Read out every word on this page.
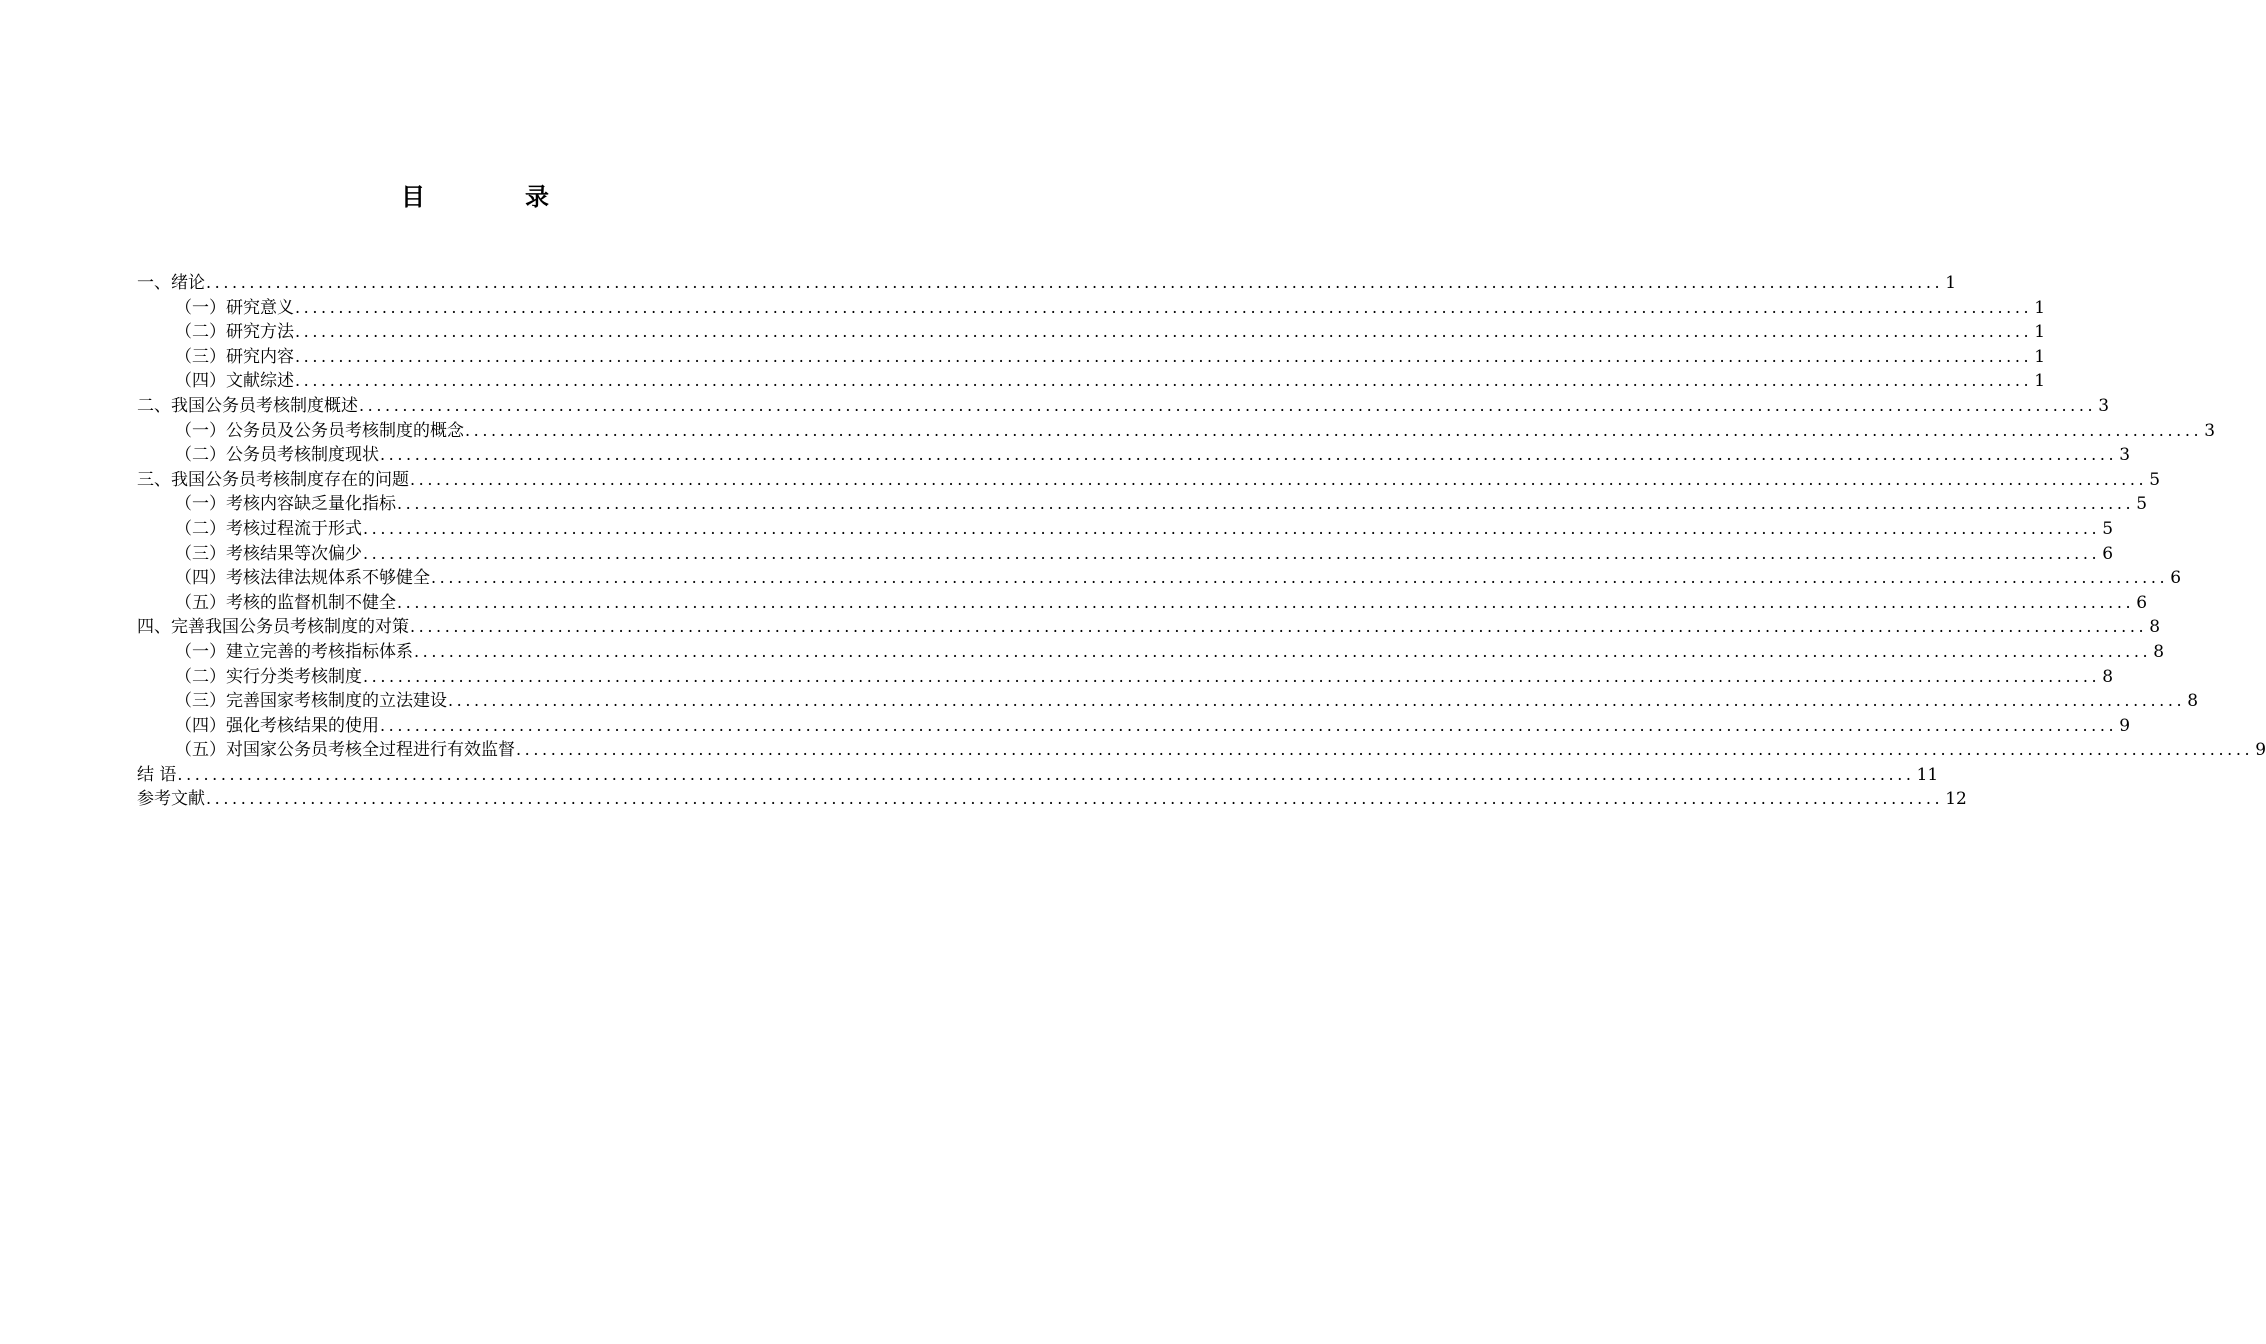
目　录
一、绪论 ........................................................................................................................................................................................................ 1
（一）研究意义 ........................................................................................................................................................................................................ 1
（二）研究方法 ........................................................................................................................................................................................................ 1
（三）研究内容 ........................................................................................................................................................................................................ 1
（四）文献综述 ........................................................................................................................................................................................................ 1
二、我国公务员考核制度概述 ........................................................................................................................................................................................................ 3
（一）公务员及公务员考核制度的概念 ........................................................................................................................................................................................................ 3
（二）公务员考核制度现状 ........................................................................................................................................................................................................ 3
三、我国公务员考核制度存在的问题 ........................................................................................................................................................................................................ 5
（一）考核内容缺乏量化指标 ........................................................................................................................................................................................................ 5
（二）考核过程流于形式 ........................................................................................................................................................................................................ 5
（三）考核结果等次偏少 ........................................................................................................................................................................................................ 6
（四）考核法律法规体系不够健全 ........................................................................................................................................................................................................ 6
（五）考核的监督机制不健全 ........................................................................................................................................................................................................ 6
四、完善我国公务员考核制度的对策 ........................................................................................................................................................................................................ 8
（一）建立完善的考核指标体系 ........................................................................................................................................................................................................ 8
（二）实行分类考核制度 ........................................................................................................................................................................................................ 8
（三）完善国家考核制度的立法建设 ........................................................................................................................................................................................................ 8
（四）强化考核结果的使用 ........................................................................................................................................................................................................ 9
（五）对国家公务员考核全过程进行有效监督 ........................................................................................................................................................................................................ 9
结 语 ........................................................................................................................................................................................................ 11
参考文献 ........................................................................................................................................................................................................ 12
